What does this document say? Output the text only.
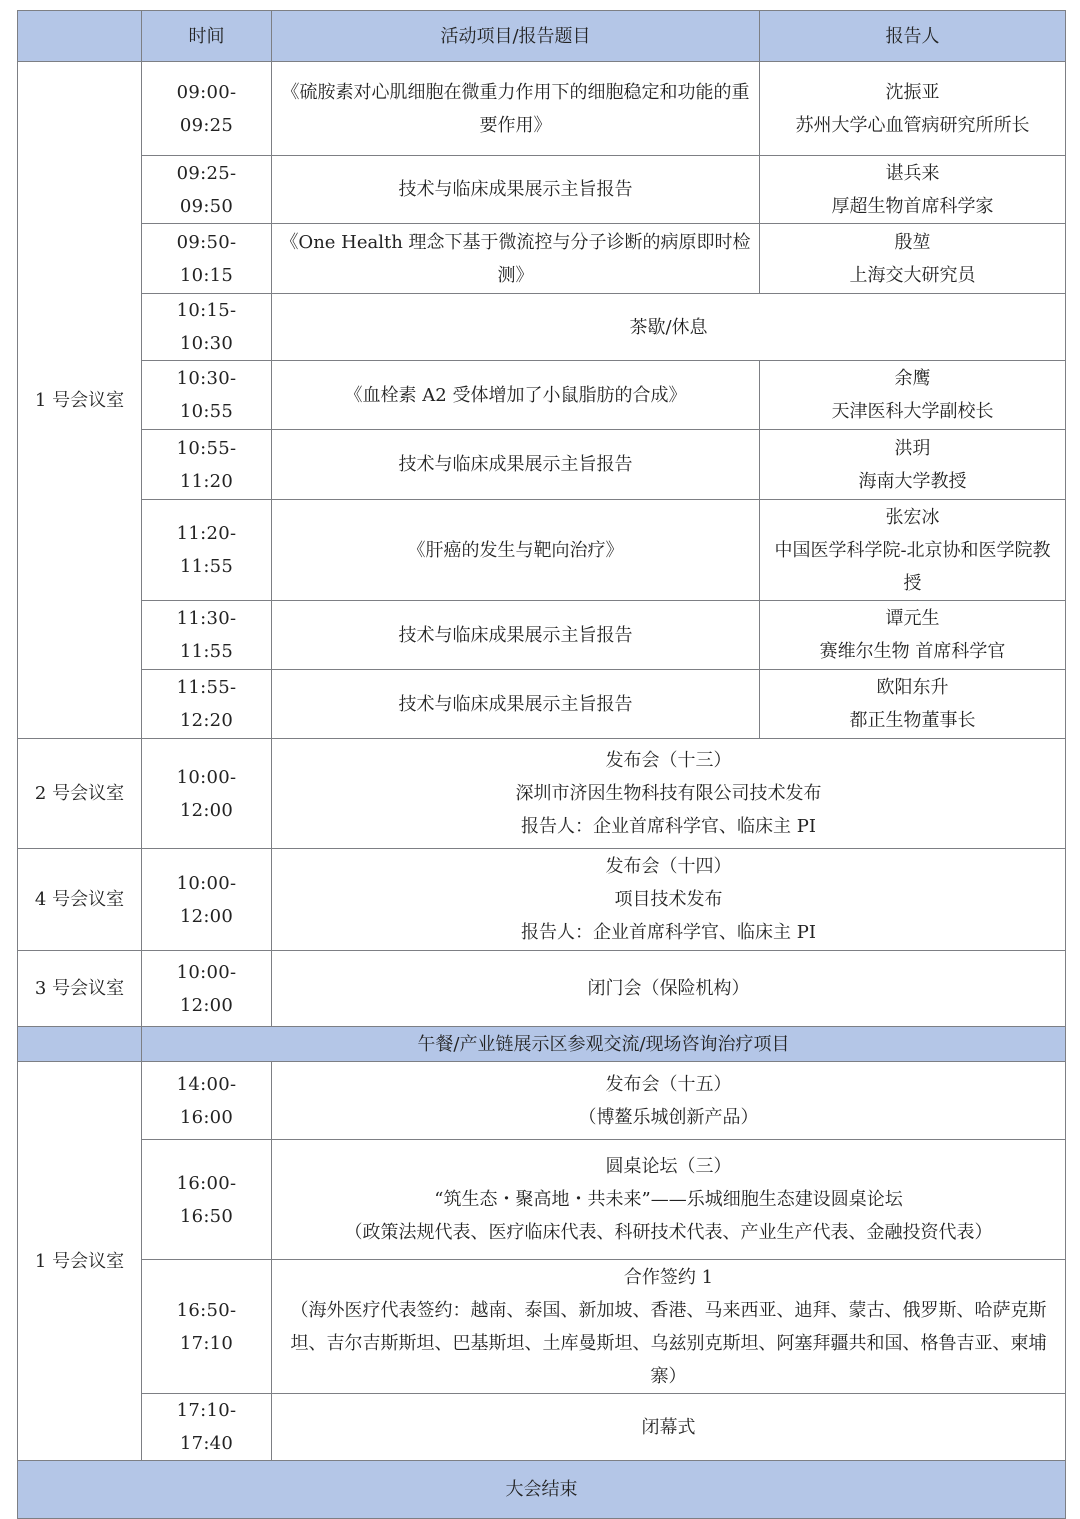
	时间	活动项目/报告题目	报告人
1 号会议室	09:00-09:25	《硫胺素对心肌细胞在微重力作用下的细胞稳定和功能的重要作用》	沈振亚
苏州大学心血管病研究所所长

	09:25-09:50	技术与临床成果展示主旨报告	谌兵来
厚超生物首席科学家

	09:50-10:15	《One Health 理念下基于微流控与分子诊断的病原即时检测》	殷堃
上海交大研究员

	10:15-10:30	茶歇/休息	
	10:30-10:55	《血栓素 A2 受体增加了小鼠脂肪的合成》	余鹰
天津医科大学副校长

	10:55-11:20	技术与临床成果展示主旨报告	洪玥
海南大学教授

	11:20-11:55	《肝癌的发生与靶向治疗》	张宏冰
中国医学科学院-北京协和医学院教授

	11:30-11:55	技术与临床成果展示主旨报告	谭元生
赛维尔生物 首席科学官

	11:55-12:20	技术与临床成果展示主旨报告	欧阳东升
都正生物董事长

2 号会议室	10:00-12:00	发布会（十三）
深圳市济因生物科技有限公司技术发布
报告人：企业首席科学官、临床主 PI	

4 号会议室	10:00-12:00	发布会（十四）
项目技术发布
报告人：企业首席科学官、临床主 PI	

3 号会议室	10:00-12:00	闭门会（保险机构）	
	午餐/产业链展示区参观交流/现场咨询治疗项目		
1 号会议室	14:00-16:00	发布会（十五）
（博鳌乐城创新产品）	

	16:00-16:50	圆桌论坛（三）
“筑生态・聚高地・共未来”——乐城细胞生态建设圆桌论坛
（政策法规代表、医疗临床代表、科研技术代表、产业生产代表、金融投资代表）	

	16:50-17:10	合作签约 1
（海外医疗代表签约：越南、泰国、新加坡、香港、马来西亚、迪拜、蒙古、俄罗斯、哈萨克斯坦、吉尔吉斯斯坦、巴基斯坦、土库曼斯坦、乌兹别克斯坦、阿塞拜疆共和国、格鲁吉亚、柬埔寨）	

	17:10-17:40	闭幕式	
大会结束			
